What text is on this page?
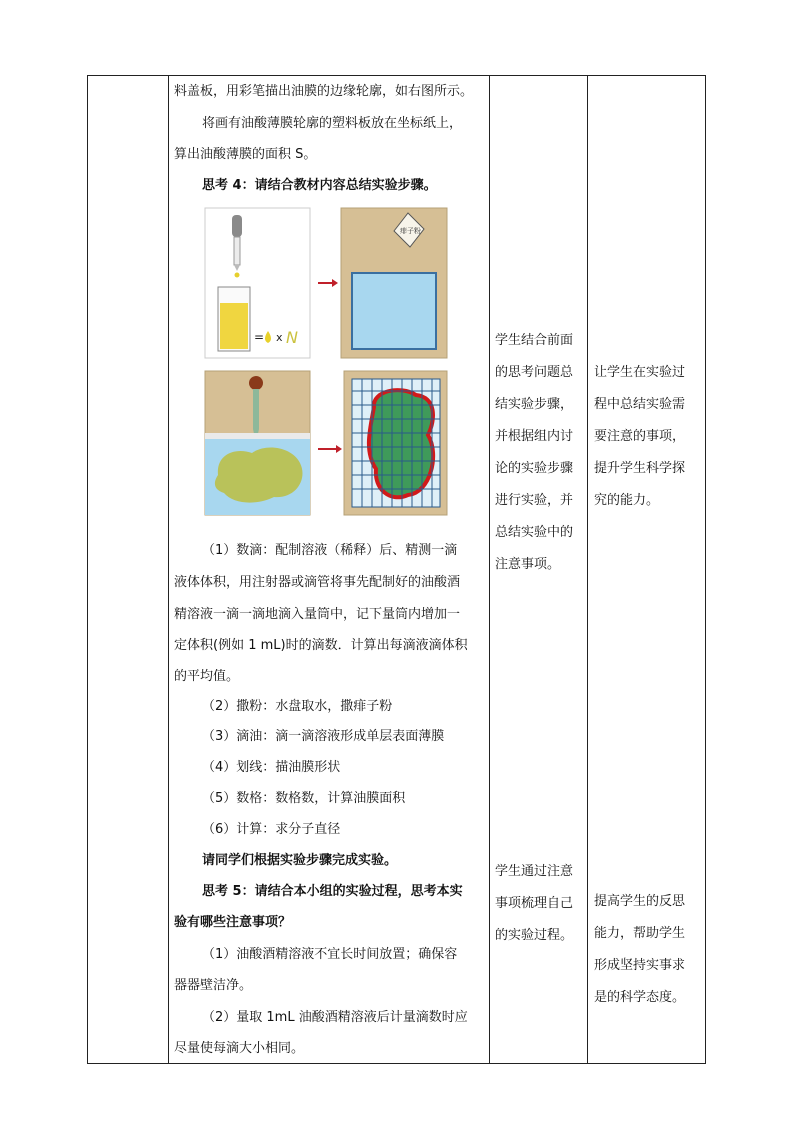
料盖板，用彩笔描出油膜的边缘轮廓，如右图所示。
将画有油酸薄膜轮廓的塑料板放在坐标纸上，
算出油酸薄膜的面积 S。
思考 4：请结合教材内容总结实验步骤。
= x N
痱子粉
（1）数滴：配制溶液（稀释）后、精测一滴
液体体积，用注射器或滴管将事先配制好的油酸酒
精溶液一滴一滴地滴入量筒中，记下量筒内增加一
定体积(例如 1 mL)时的滴数．计算出每滴液滴体积
的平均值。
（2）撒粉：水盘取水，撒痱子粉
（3）滴油：滴一滴溶液形成单层表面薄膜
（4）划线：描油膜形状
（5）数格：数格数，计算油膜面积
（6）计算：求分子直径
请同学们根据实验步骤完成实验。
思考 5：请结合本小组的实验过程，思考本实
验有哪些注意事项？
（1）油酸酒精溶液不宜长时间放置；确保容
器器壁洁净。
（2）量取 1mL 油酸酒精溶液后计量滴数时应
尽量使每滴大小相同。
学生结合前面
的思考问题总
结实验步骤，
并根据组内讨
论的实验步骤
进行实验，并
总结实验中的
注意事项。
学生通过注意
事项梳理自己
的实验过程。
让学生在实验过
程中总结实验需
要注意的事项，
提升学生科学探
究的能力。
提高学生的反思
能力，帮助学生
形成坚持实事求
是的科学态度。
